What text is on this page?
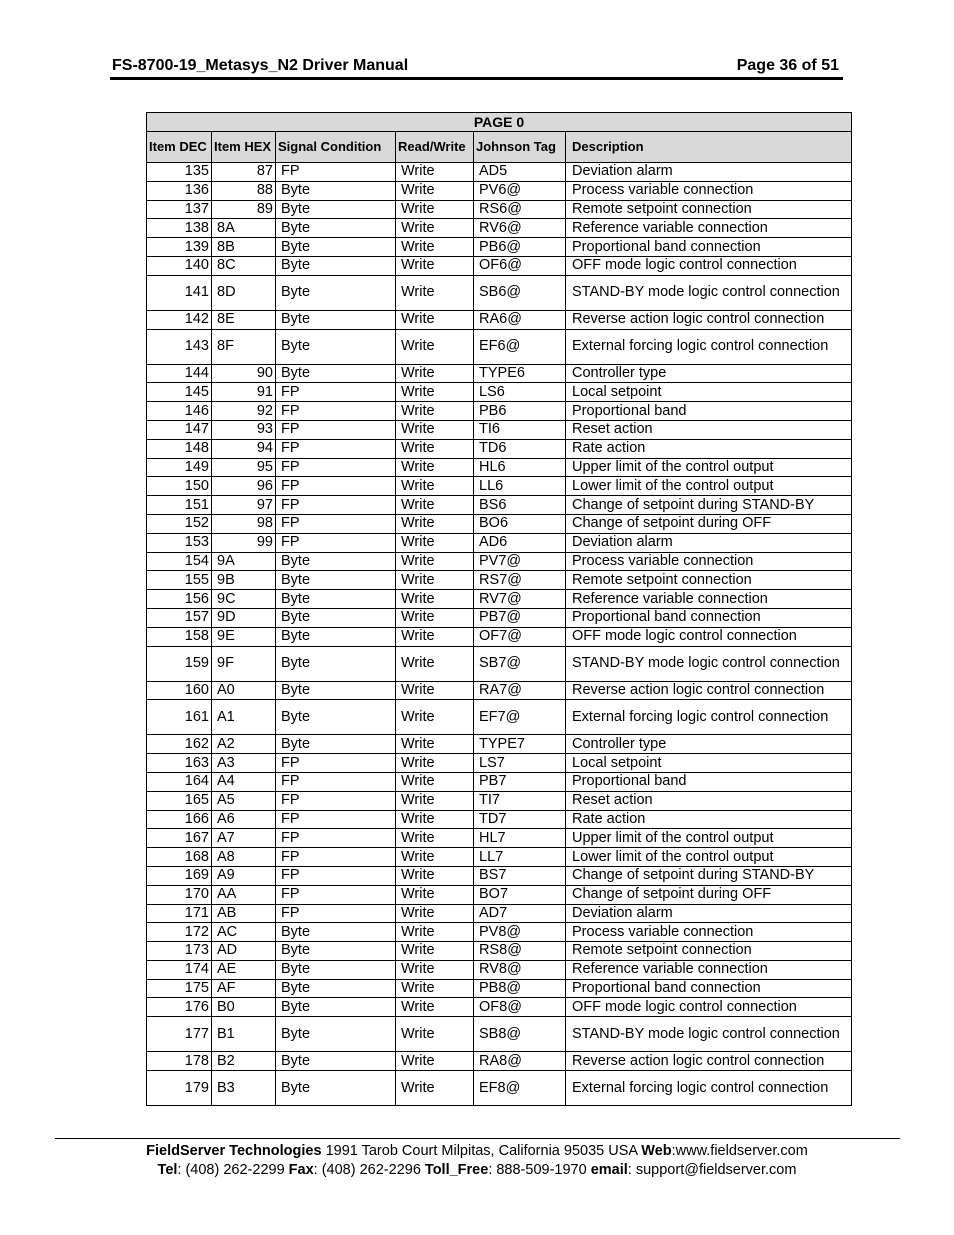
FS-8700-19_Metasys_N2 Driver Manual	Page 36 of 51
PAGE 0					
Item DEC	Item HEX	Signal Condition	Read/Write	Johnson Tag	Description
135	87	FP	Write	AD5	Deviation alarm
136	88	Byte	Write	PV6@	Process variable connection
137	89	Byte	Write	RS6@	Remote setpoint connection
138	8A	Byte	Write	RV6@	Reference variable connection
139	8B	Byte	Write	PB6@	Proportional band connection
140	8C	Byte	Write	OF6@	OFF mode logic control connection
141	8D	Byte	Write	SB6@	STAND-BY mode logic control connection
142	8E	Byte	Write	RA6@	Reverse action logic control connection
143	8F	Byte	Write	EF6@	External forcing logic control connection
144	90	Byte	Write	TYPE6	Controller type
145	91	FP	Write	LS6	Local setpoint
146	92	FP	Write	PB6	Proportional band
147	93	FP	Write	TI6	Reset action
148	94	FP	Write	TD6	Rate action
149	95	FP	Write	HL6	Upper limit of the control output
150	96	FP	Write	LL6	Lower limit of the control output
151	97	FP	Write	BS6	Change of setpoint during STAND-BY
152	98	FP	Write	BO6	Change of setpoint during OFF
153	99	FP	Write	AD6	Deviation alarm
154	9A	Byte	Write	PV7@	Process variable connection
155	9B	Byte	Write	RS7@	Remote setpoint connection
156	9C	Byte	Write	RV7@	Reference variable connection
157	9D	Byte	Write	PB7@	Proportional band connection
158	9E	Byte	Write	OF7@	OFF mode logic control connection
159	9F	Byte	Write	SB7@	STAND-BY mode logic control connection
160	A0	Byte	Write	RA7@	Reverse action logic control connection
161	A1	Byte	Write	EF7@	External forcing logic control connection
162	A2	Byte	Write	TYPE7	Controller type
163	A3	FP	Write	LS7	Local setpoint
164	A4	FP	Write	PB7	Proportional band
165	A5	FP	Write	TI7	Reset action
166	A6	FP	Write	TD7	Rate action
167	A7	FP	Write	HL7	Upper limit of the control output
168	A8	FP	Write	LL7	Lower limit of the control output
169	A9	FP	Write	BS7	Change of setpoint during STAND-BY
170	AA	FP	Write	BO7	Change of setpoint during OFF
171	AB	FP	Write	AD7	Deviation alarm
172	AC	Byte	Write	PV8@	Process variable connection
173	AD	Byte	Write	RS8@	Remote setpoint connection
174	AE	Byte	Write	RV8@	Reference variable connection
175	AF	Byte	Write	PB8@	Proportional band connection
176	B0	Byte	Write	OF8@	OFF mode logic control connection
177	B1	Byte	Write	SB8@	STAND-BY mode logic control connection
178	B2	Byte	Write	RA8@	Reverse action logic control connection
179	B3	Byte	Write	EF8@	External forcing logic control connection
FieldServer Technologies 1991 Tarob Court Milpitas, California 95035 USA Web:www.fieldserver.com
Tel: (408) 262-2299 Fax: (408) 262-2296 Toll_Free: 888-509-1970 email: support@fieldserver.com
